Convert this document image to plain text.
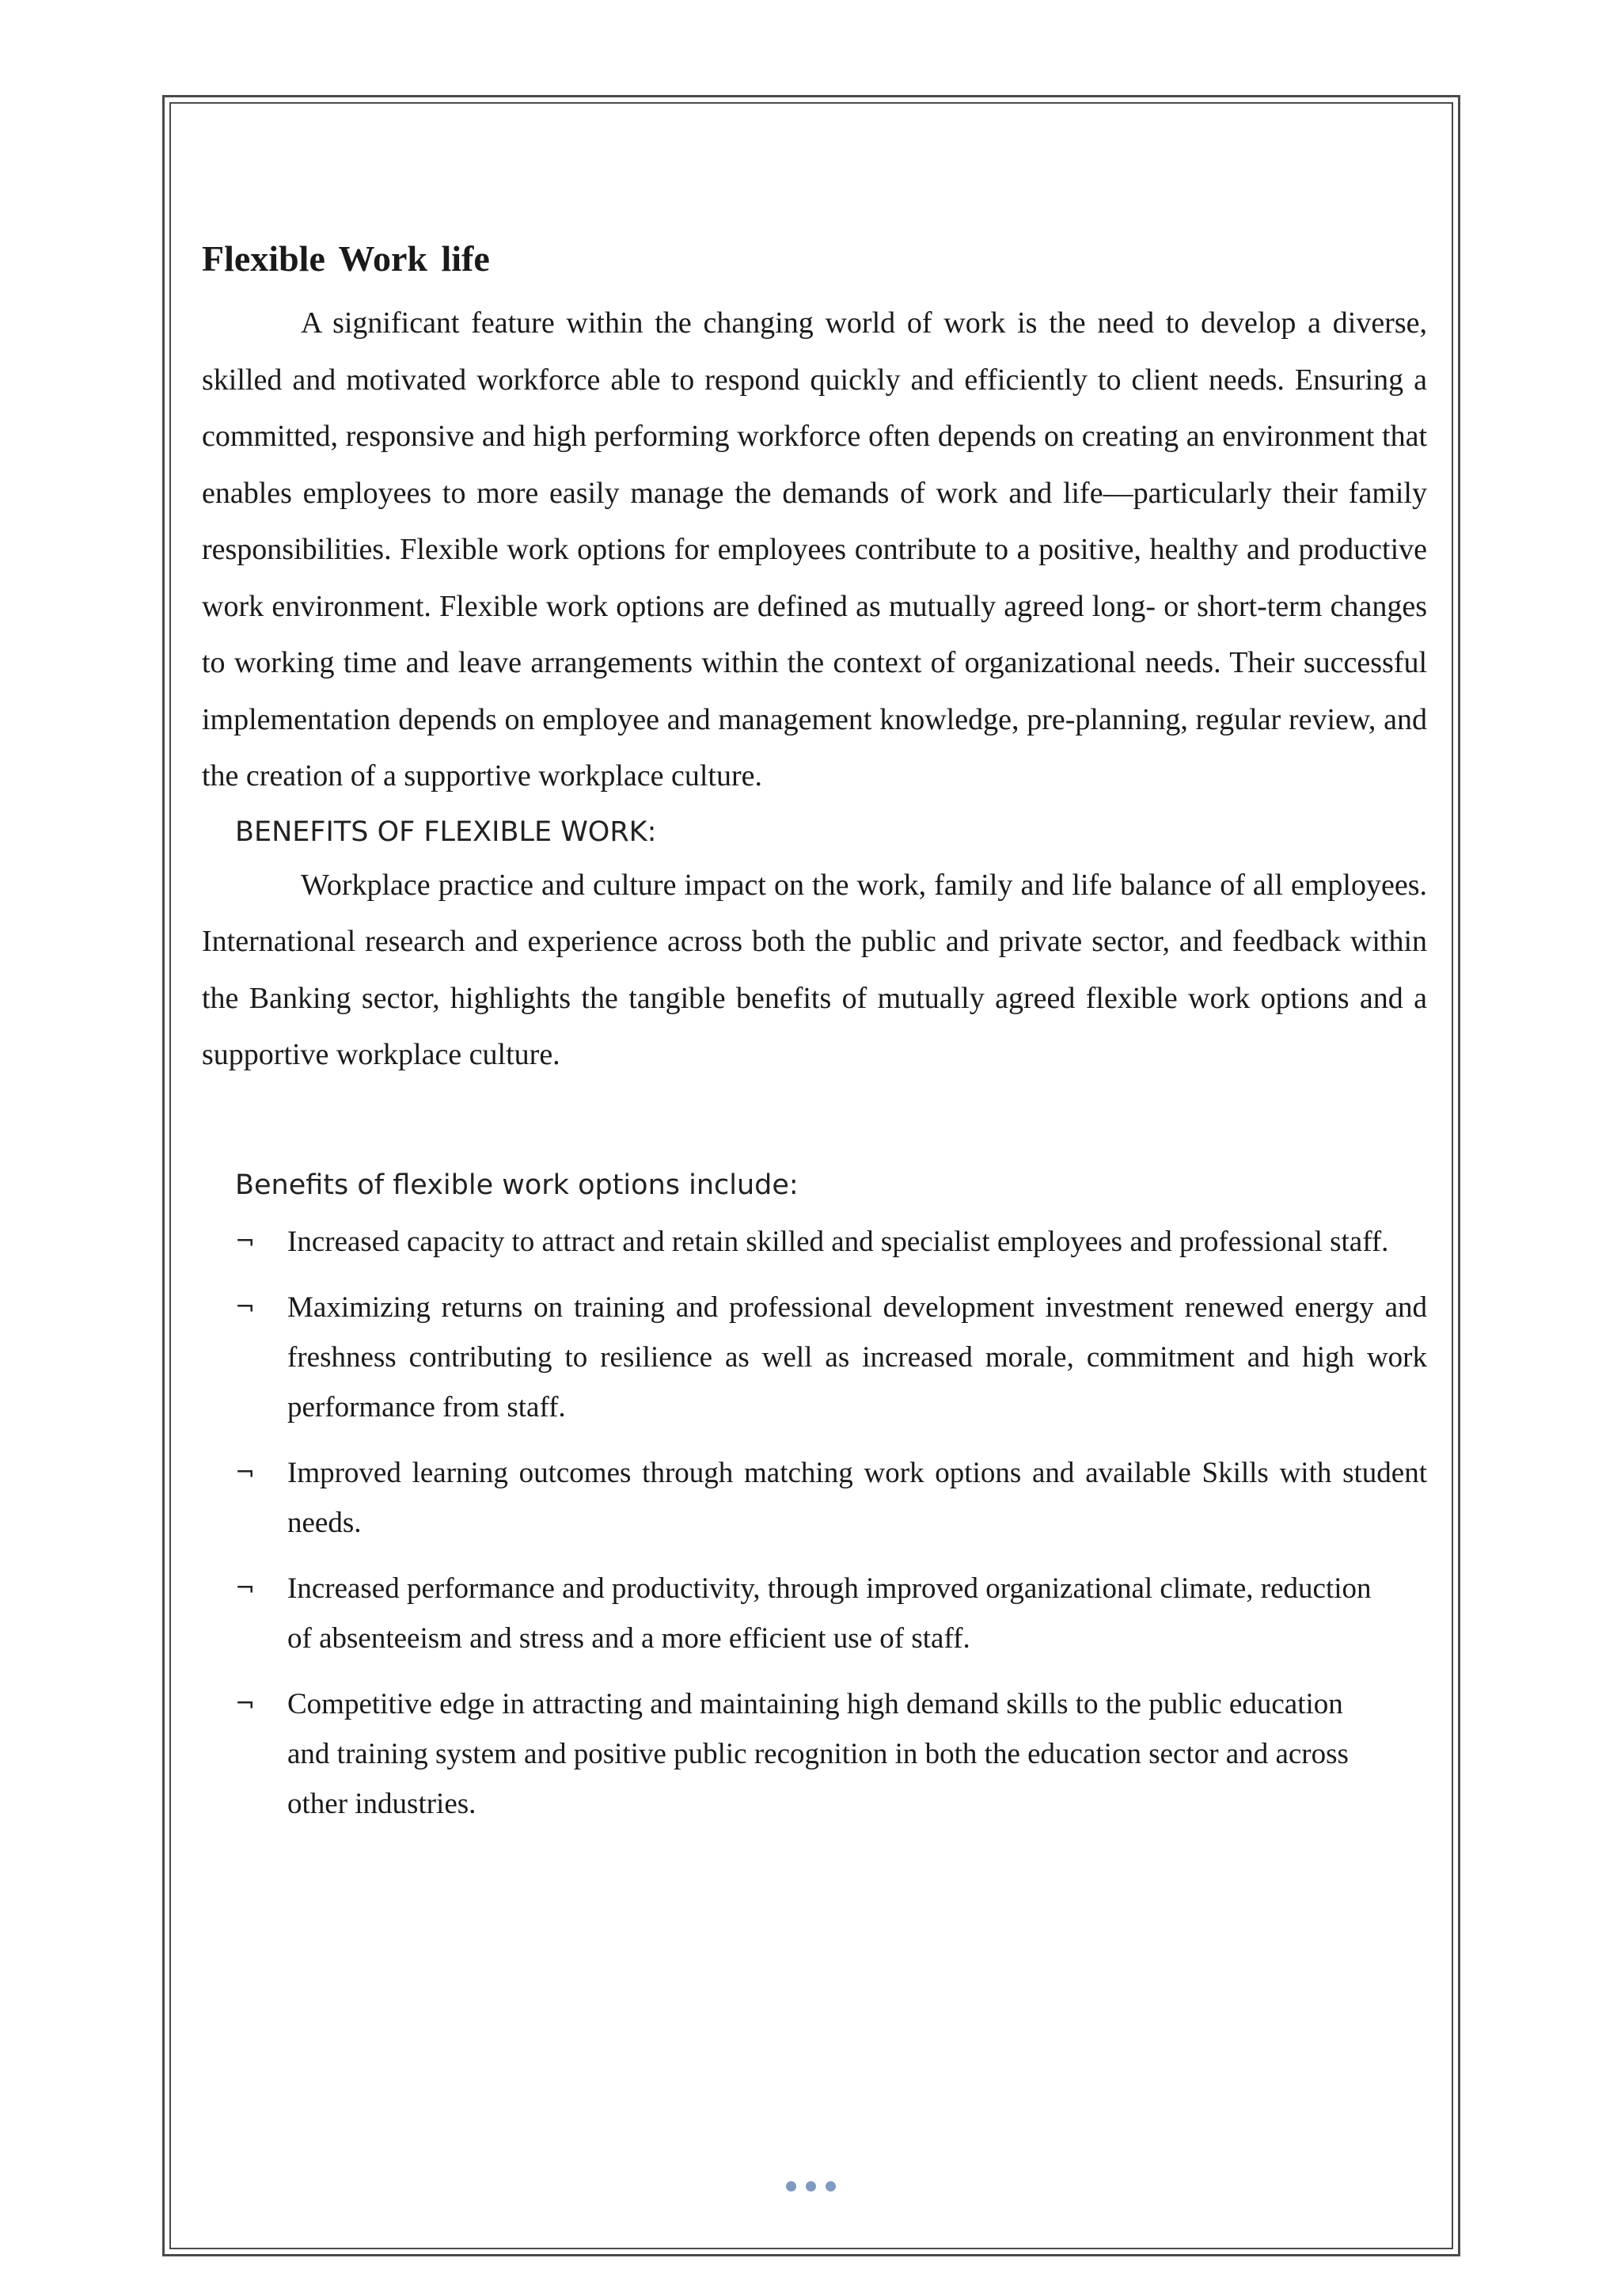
Flexible Work life

A significant feature within the changing world of work is the need to develop a diverse, skilled and motivated workforce able to respond quickly and efficiently to client needs. Ensuring a committed, responsive and high performing workforce often depends on creating an environment that enables employees to more easily manage the demands of work and life—particularly their family responsibilities. Flexible work options for employees contribute to a positive, healthy and productive work environment. Flexible work options are defined as mutually agreed long- or short-term changes to working time and leave arrangements within the context of organizational needs. Their successful implementation depends on employee and management knowledge, pre-planning, regular review, and the creation of a supportive workplace culture.

BENEFITS OF FLEXIBLE WORK:

Workplace practice and culture impact on the work, family and life balance of all employees. International research and experience across both the public and private sector, and feedback within the Banking sector, highlights the tangible benefits of mutually agreed flexible work options and a supportive workplace culture.

Benefits of flexible work options include:
¬ Increased capacity to attract and retain skilled and specialist employees and professional staff.
¬ Maximizing returns on training and professional development investment renewed energy and freshness contributing to resilience as well as increased morale, commitment and high work performance from staff.
¬ Improved learning outcomes through matching work options and available Skills with student needs.
¬ Increased performance and productivity, through improved organizational climate, reduction of absenteeism and stress and a more efficient use of staff.
¬ Competitive edge in attracting and maintaining high demand skills to the public education and training system and positive public recognition in both the education sector and across other industries.
